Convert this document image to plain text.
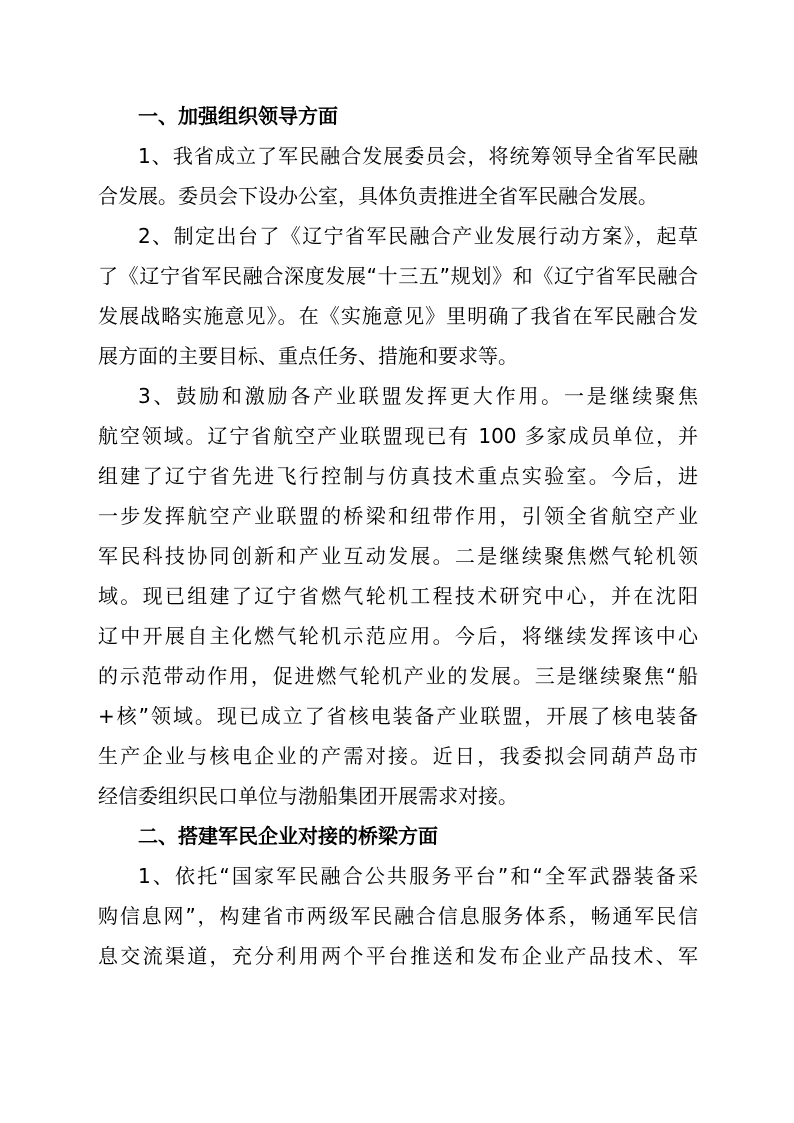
一、加强组织领导方面
1、我省成立了军民融合发展委员会，将统筹领导全省军民融
合发展。委员会下设办公室，具体负责推进全省军民融合发展。
2、制定出台了《辽宁省军民融合产业发展行动方案》，起草
了《辽宁省军民融合深度发展“十三五”规划》和《辽宁省军民融合
发展战略实施意见》。在《实施意见》里明确了我省在军民融合发
展方面的主要目标、重点任务、措施和要求等。
3、鼓励和激励各产业联盟发挥更大作用。一是继续聚焦
航空领域。辽宁省航空产业联盟现已有 100 多家成员单位，并
组建了辽宁省先进飞行控制与仿真技术重点实验室。今后，进
一步发挥航空产业联盟的桥梁和纽带作用，引领全省航空产业
军民科技协同创新和产业互动发展。二是继续聚焦燃气轮机领
域。现已组建了辽宁省燃气轮机工程技术研究中心，并在沈阳
辽中开展自主化燃气轮机示范应用。今后，将继续发挥该中心
的示范带动作用，促进燃气轮机产业的发展。三是继续聚焦“船
+核”领域。现已成立了省核电装备产业联盟，开展了核电装备
生产企业与核电企业的产需对接。近日，我委拟会同葫芦岛市
经信委组织民口单位与渤船集团开展需求对接。
二、搭建军民企业对接的桥梁方面
1、依托“国家军民融合公共服务平台”和“全军武器装备采
购信息网”，构建省市两级军民融合信息服务体系，畅通军民信
息交流渠道，充分利用两个平台推送和发布企业产品技术、军
